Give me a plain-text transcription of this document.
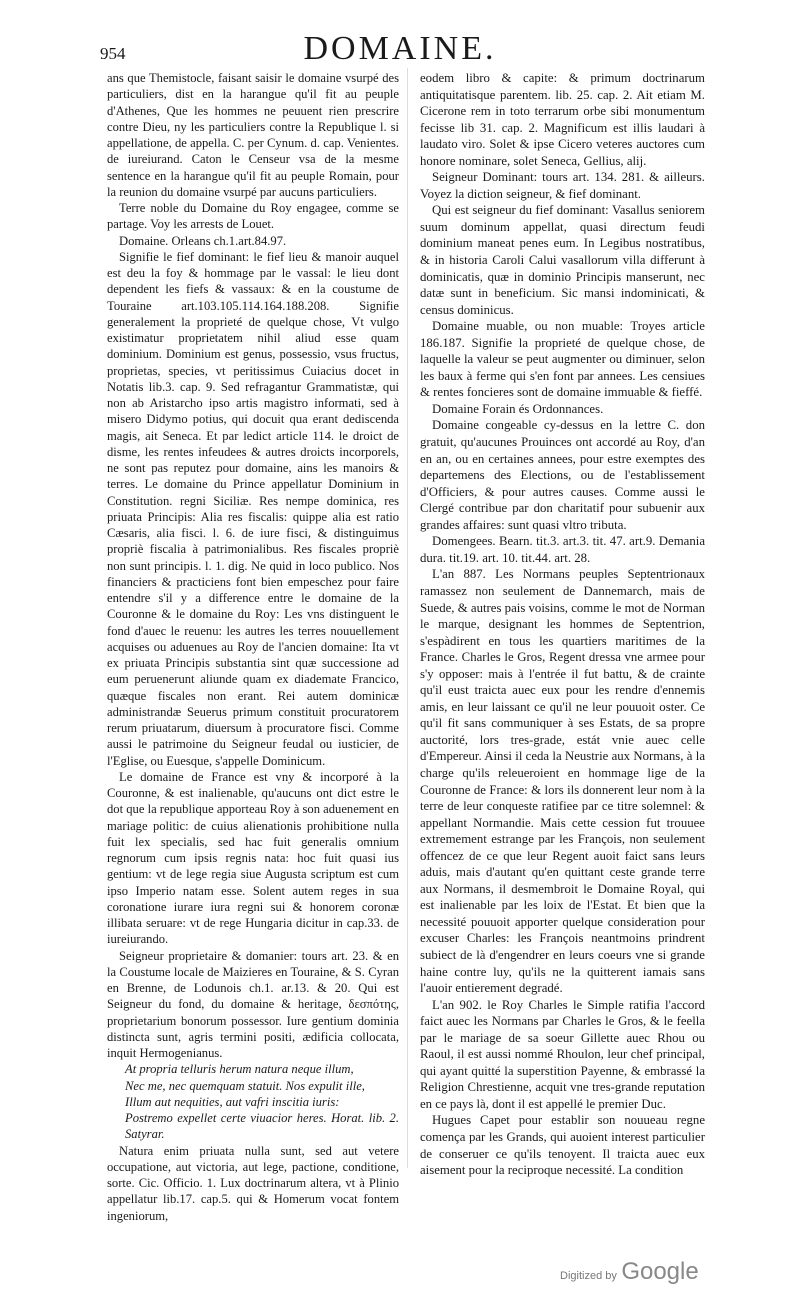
954	DOMAINE.

ans que Themistocle, faisant saisir le domaine vsurpé des particuliers, dist en la harangue qu'il fit au peuple d'Athenes, Que les hommes ne peuuent rien prescrire contre Dieu, ny les particuliers contre la Republique l. si appellatione, de appella. C. per Cynum. d. cap. Venientes. de iureiurand. Caton le Censeur vsa de la mesme sentence en la harangue qu'il fit au peuple Romain, pour la reunion du domaine vsurpé par aucuns particuliers.

Terre noble du Domaine du Roy engagee, comme se partage. Voy les arrests de Louet.

Domaine. Orleans ch.1.art.84.97.

Signifie le fief dominant: le fief lieu & manoir auquel est deu la foy & hommage par le vassal: le lieu dont dependent les fiefs & vassaux: & en la coustume de Touraine art.103.105.114.164.188.208. Signifie generalement la proprieté de quelque chose, Vt vulgo existimatur proprietatem nihil aliud esse quam dominium. Dominium est genus, possessio, vsus fructus, proprietas, species, vt peritissimus Cuiacius docet in Notatis lib.3. cap. 9. Sed refragantur Grammatistæ, qui non ab Aristarcho ipso artis magistro informati, sed à misero Didymo potius, qui docuit qua erant dediscenda magis, ait Seneca. Et par ledict article 114. le droict de disme, les rentes infeudees & autres droicts incorporels, ne sont pas reputez pour domaine, ains les manoirs & terres. Le domaine du Prince appellatur Dominium in Constitution. regni Siciliæ. Res nempe dominica, res priuata Principis: Alia res fiscalis: quippe alia est ratio Cæsaris, alia fisci. l. 6. de iure fisci, & distinguimus propriè fiscalia à patrimonialibus. Res fiscales propriè non sunt principis. l. 1. dig. Ne quid in loco publico. Nos financiers & practiciens font bien empeschez pour faire entendre s'il y a difference entre le domaine de la Couronne & le domaine du Roy: Les vns distinguent le fond d'auec le reuenu: les autres les terres nouuellement acquises ou aduenues au Roy de l'ancien domaine: Ita vt ex priuata Principis substantia sint quæ successione ad eum peruenerunt aliunde quam ex diademate Francico, quæque fiscales non erant. Rei autem dominicæ administrandæ Seuerus primum constituit procuratorem rerum priuatarum, diuersum à procuratore fisci. Comme aussi le patrimoine du Seigneur feudal ou iusticier, de l'Eglise, ou Euesque, s'appelle Dominicum.

Le domaine de France est vny & incorporé à la Couronne, & est inalienable, qu'aucuns ont dict estre le dot que la republique apporteau Roy à son aduenement en mariage politic: de cuius alienationis prohibitione nulla fuit lex specialis, sed hac fuit generalis omnium regnorum cum ipsis regnis nata: hoc fuit quasi ius gentium: vt de lege regia siue Augusta scriptum est cum ipso Imperio natam esse. Solent autem reges in sua coronatione iurare iura regni sui & honorem coronæ illibata seruare: vt de rege Hungaria dicitur in cap.33. de iureiurando.

Seigneur proprietaire & domanier: tours art. 23. & en la Coustume locale de Maizieres en Touraine, & S. Cyran en Brenne, de Lodunois ch.1. ar.13. & 20. Qui est Seigneur du fond, du domaine & heritage, δεσπότης, proprietarium bonorum possessor. Iure gentium dominia distincta sunt, agris termini positi, ædificia collocata, inquit Hermogenianus.

At propria telluris herum natura neque illum,

Nec me, nec quemquam statuit. Nos expulit ille,

Illum aut nequities, aut vafri inscitia iuris:

Postremo expellet certe viuacior heres. Horat. lib. 2. Satyrar.

Natura enim priuata nulla sunt, sed aut vetere occupatione, aut victoria, aut lege, pactione, conditione, sorte. Cic. Officio. 1. Lux doctrinarum altera, vt à Plinio appellatur lib.17. cap.5. qui & Homerum vocat fontem ingeniorum,

eodem libro & capite: & primum doctrinarum antiquitatisque parentem. lib. 25. cap. 2. Ait etiam M. Cicerone rem in toto terrarum orbe sibi monumentum fecisse lib 31. cap. 2. Magnificum est illis laudari à laudato viro. Solet & ipse Cicero veteres auctores cum honore nominare, solet Seneca, Gellius, alij.

Seigneur Dominant: tours art. 134. 281. & ailleurs. Voyez la diction seigneur, & fief dominant.

Qui est seigneur du fief dominant: Vasallus seniorem suum dominum appellat, quasi directum feudi dominium maneat penes eum. In Legibus nostratibus, & in historia Caroli Calui vasallorum villa differunt à dominicatis, quæ in dominio Principis manserunt, nec datæ sunt in beneficium. Sic mansi indominicati, & census dominicus.

Domaine muable, ou non muable: Troyes article 186.187. Signifie la proprieté de quelque chose, de laquelle la valeur se peut augmenter ou diminuer, selon les baux à ferme qui s'en font par annees. Les censiues & rentes foncieres sont de domaine immuable & fieffé.

Domaine Forain és Ordonnances.

Domaine congeable cy-dessus en la lettre C. don gratuit, qu'aucunes Prouinces ont accordé au Roy, d'an en an, ou en certaines annees, pour estre exemptes des departemens des Elections, ou de l'establissement d'Officiers, & pour autres causes. Comme aussi le Clergé contribue par don charitatif pour subuenir aux grandes affaires: sunt quasi vltro tributa.

Domengees. Bearn. tit.3. art.3. tit. 47. art.9. Demania dura. tit.19. art. 10. tit.44. art. 28.

L'an 887. Les Normans peuples Septentrionaux ramassez non seulement de Dannemarch, mais de Suede, & autres pais voisins, comme le mot de Norman le marque, designant les hommes de Septentrion, s'espàdirent en tous les quartiers maritimes de la France. Charles le Gros, Regent dressa vne armee pour s'y opposer: mais à l'entrée il fut battu, & de crainte qu'il eust traicta auec eux pour les rendre d'ennemis amis, en leur laissant ce qu'il ne leur pouuoit oster. Ce qu'il fit sans communiquer à ses Estats, de sa propre auctorité, lors tres-grade, estát vnie auec celle d'Empereur. Ainsi il ceda la Neustrie aux Normans, à la charge qu'ils releueroient en hommage lige de la Couronne de France: & lors ils donnerent leur nom à la terre de leur conqueste ratifiee par ce titre solemnel: & appellant Normandie. Mais cette cession fut trouuee extremement estrange par les François, non seulement offencez de ce que leur Regent auoit faict sans leurs aduis, mais d'autant qu'en quittant ceste grande terre aux Normans, il desmembroit le Domaine Royal, qui est inalienable par les loix de l'Estat. Et bien que la necessité pouuoit apporter quelque consideration pour excuser Charles: les François neantmoins prindrent subiect de là d'engendrer en leurs coeurs vne si grande haine contre luy, qu'ils ne la quitterent iamais sans l'auoir entierement degradé.

L'an 902. le Roy Charles le Simple ratifia l'accord faict auec les Normans par Charles le Gros, & le feella par le mariage de sa soeur Gillette auec Rhou ou Raoul, il est aussi nommé Rhoulon, leur chef principal, qui ayant quitté la superstition Payenne, & embrassé la Religion Chrestienne, acquit vne tres-grande reputation en ce pays là, dont il est appellé le premier Duc.

Hugues Capet pour establir son nouueau regne comença par les Grands, qui auoient interest particulier de conseruer ce qu'ils tenoyent. Il traicta auec eux aisement pour la reciproque necessité. La condition

Digitized by Google
